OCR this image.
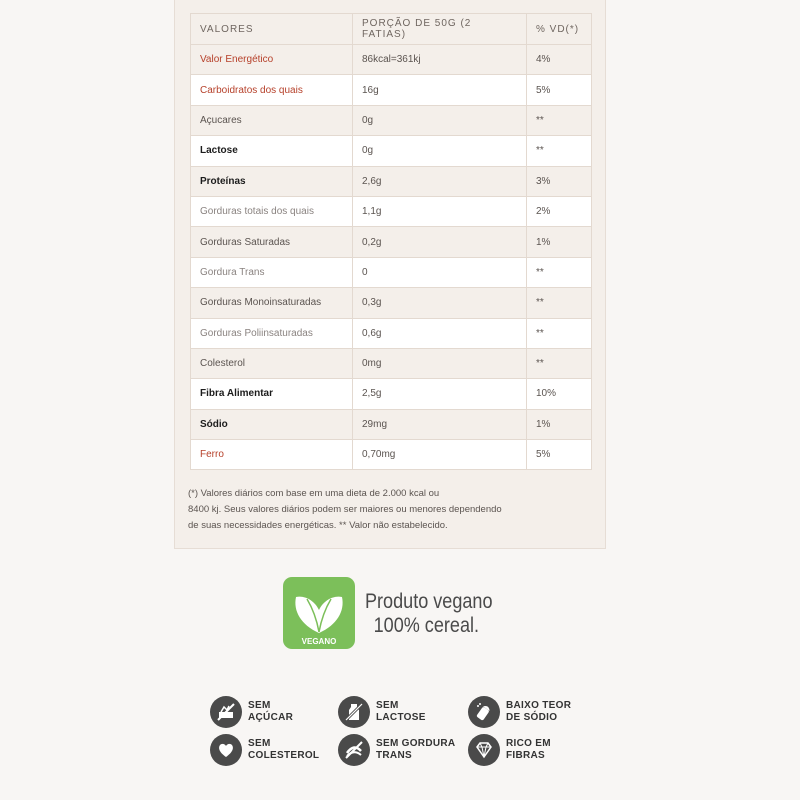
VALORES	PORÇÃO DE 50G (2 FATIAS)	% VD(*)
Valor Energético	86kcal=361kj	4%
Carboidratos dos quais	16g	5%
Açucares	0g	**
Lactose	0g	**
Proteínas	2,6g	3%
Gorduras totais dos quais	1,1g	2%
Gorduras Saturadas	0,2g	1%
Gordura Trans	0	**
Gorduras Monoinsaturadas	0,3g	**
Gorduras Poliinsaturadas	0,6g	**
Colesterol	0mg	**
Fibra Alimentar	2,5g	10%
Sódio	29mg	1%
Ferro	0,70mg	5%
(*) Valores diários com base em uma dieta de 2.000 kcal ou
8400 kj. Seus valores diários podem ser maiores ou menores dependendo
de suas necessidades energéticas. ** Valor não estabelecido.
VEGANO
Produto vegano
100% cereal.
SEM
AÇÚCAR
SEM
LACTOSE
BAIXO TEOR
DE SÓDIO
SEM
COLESTEROL
SEM GORDURA
TRANS
RICO EM
FIBRAS
